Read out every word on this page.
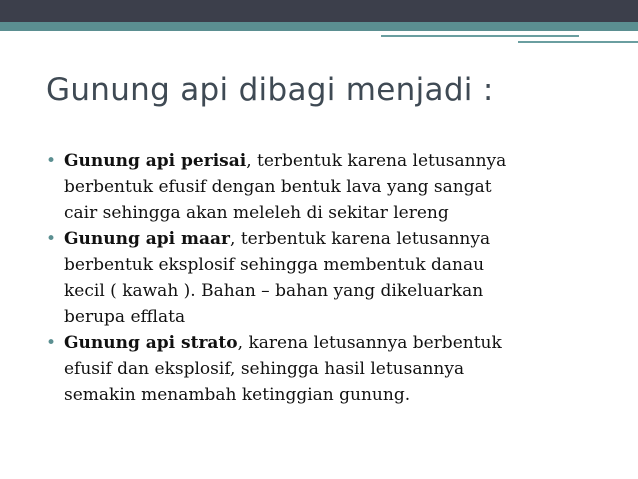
Gunung api dibagi menjadi :
• Gunung api perisai, terbentuk karena letusannya
berbentuk efusif dengan bentuk lava yang sangat
cair sehingga akan meleleh di sekitar lereng
• Gunung api maar, terbentuk karena letusannya
berbentuk eksplosif sehingga membentuk danau
kecil ( kawah ). Bahan – bahan yang dikeluarkan
berupa efflata
• Gunung api strato, karena letusannya berbentuk
efusif dan eksplosif, sehingga hasil letusannya
semakin menambah ketinggian gunung.
